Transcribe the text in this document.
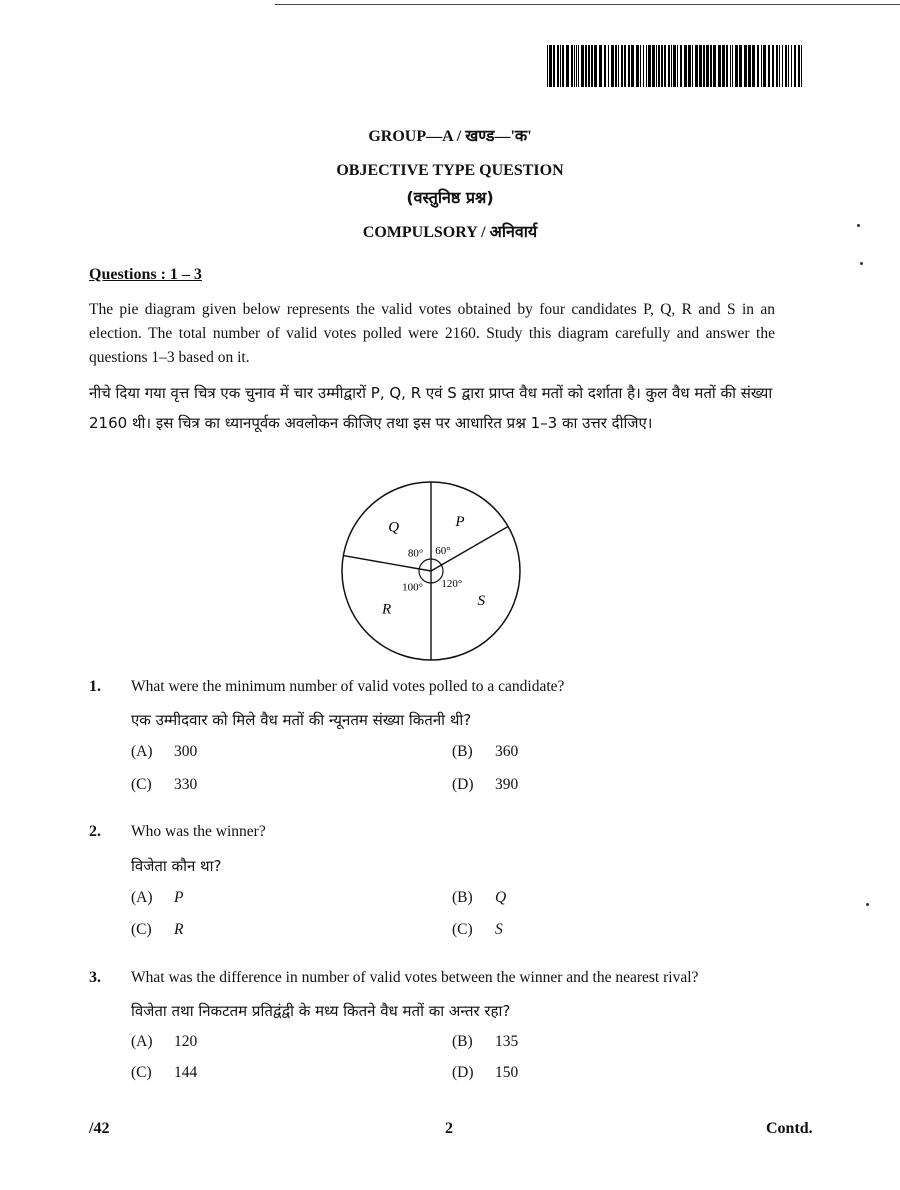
GROUP—A / खण्ड—'क'
OBJECTIVE TYPE QUESTION
(वस्तुनिष्ठ प्रश्न)
COMPULSORY / अनिवार्य
Questions : 1 – 3
The pie diagram given below represents the valid votes obtained by four candidates P, Q, R and S in an election. The total number of valid votes polled were 2160. Study this diagram carefully and answer the questions 1–3 based on it.
नीचे दिया गया वृत्त चित्र एक चुनाव में चार उम्मीद्वारों P, Q, R एवं S द्वारा प्राप्त वैध मतों को दर्शाता है। कुल वैध मतों की संख्या 2160 थी। इस चित्र का ध्यानपूर्वक अवलोकन कीजिए तथा इस पर आधारित प्रश्न 1–3 का उत्तर दीजिए।
P
60°
S
120°
R
100°
Q
80°
1. What were the minimum number of valid votes polled to a candidate?
एक उम्मीदवार को मिले वैध मतों की न्यूनतम संख्या कितनी थी?
(A) 300	(B) 360
(C) 330	(D) 390
2. Who was the winner?
विजेता कौन था?
(A) P	(B) Q
(C) R	(C) S
3. What was the difference in number of valid votes between the winner and the nearest rival?
विजेता तथा निकटतम प्रतिद्वंद्वी के मध्य कितने वैध मतों का अन्तर रहा?
(A) 120	(B) 135
(C) 144	(D) 150
/42	2	Contd.
